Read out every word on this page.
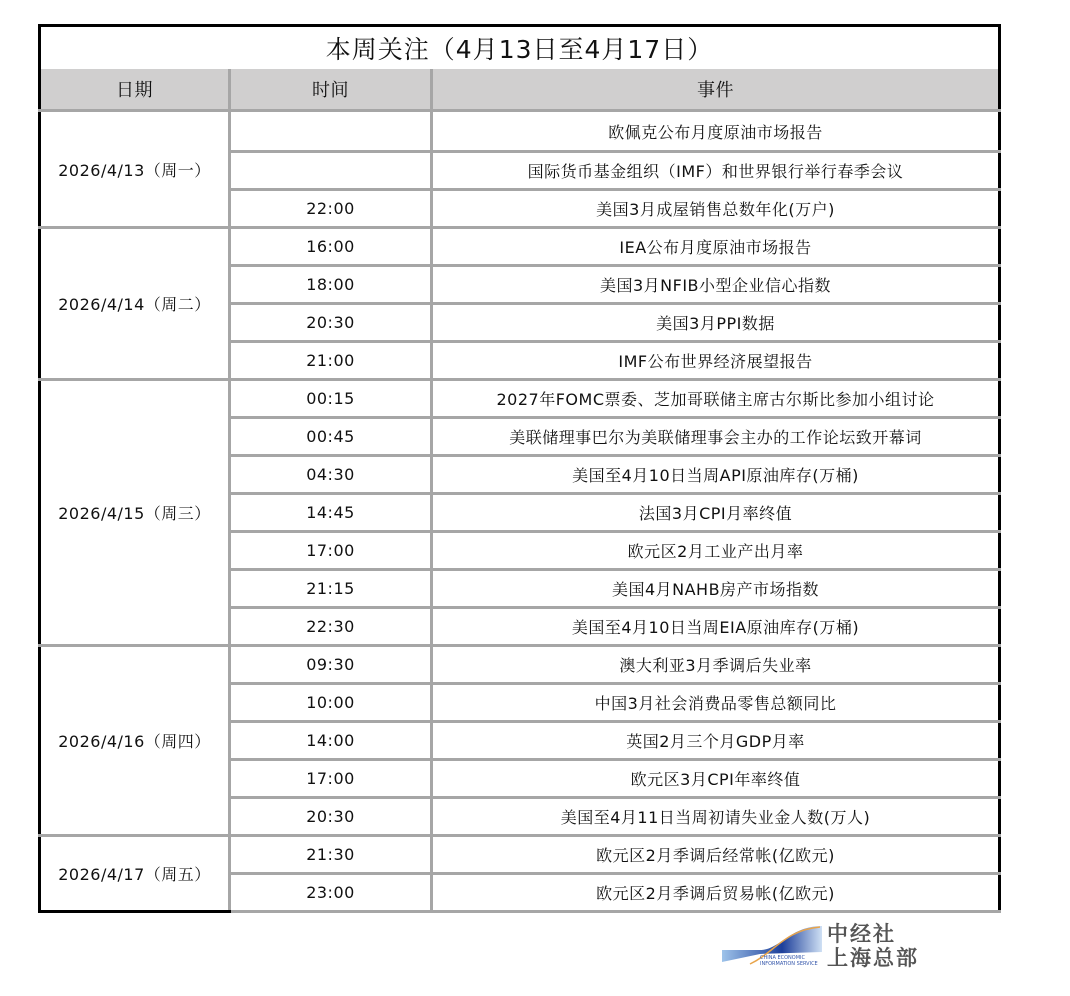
本周关注（4月13日至4月17日）		
日期	时间	事件
2026/4/13（周一）		欧佩克公布月度原油市场报告
		国际货币基金组织（IMF）和世界银行举行春季会议
	22:00	美国3月成屋销售总数年化(万户)
2026/4/14（周二）	16:00	IEA公布月度原油市场报告
	18:00	美国3月NFIB小型企业信心指数
	20:30	美国3月PPI数据
	21:00	IMF公布世界经济展望报告
2026/4/15（周三）	00:15	2027年FOMC票委、芝加哥联储主席古尔斯比参加小组讨论
	00:45	美联储理事巴尔为美联储理事会主办的工作论坛致开幕词
	04:30	美国至4月10日当周API原油库存(万桶)
	14:45	法国3月CPI月率终值
	17:00	欧元区2月工业产出月率
	21:15	美国4月NAHB房产市场指数
	22:30	美国至4月10日当周EIA原油库存(万桶)
2026/4/16（周四）	09:30	澳大利亚3月季调后失业率
	10:00	中国3月社会消费品零售总额同比
	14:00	英国2月三个月GDP月率
	17:00	欧元区3月CPI年率终值
	20:30	美国至4月11日当周初请失业金人数(万人)
2026/4/17（周五）	21:30	欧元区2月季调后经常帐(亿欧元)
	23:00	欧元区2月季调后贸易帐(亿欧元)
CHINA ECONOMIC
INFORMATION SERVICE
中经社
上海总部
